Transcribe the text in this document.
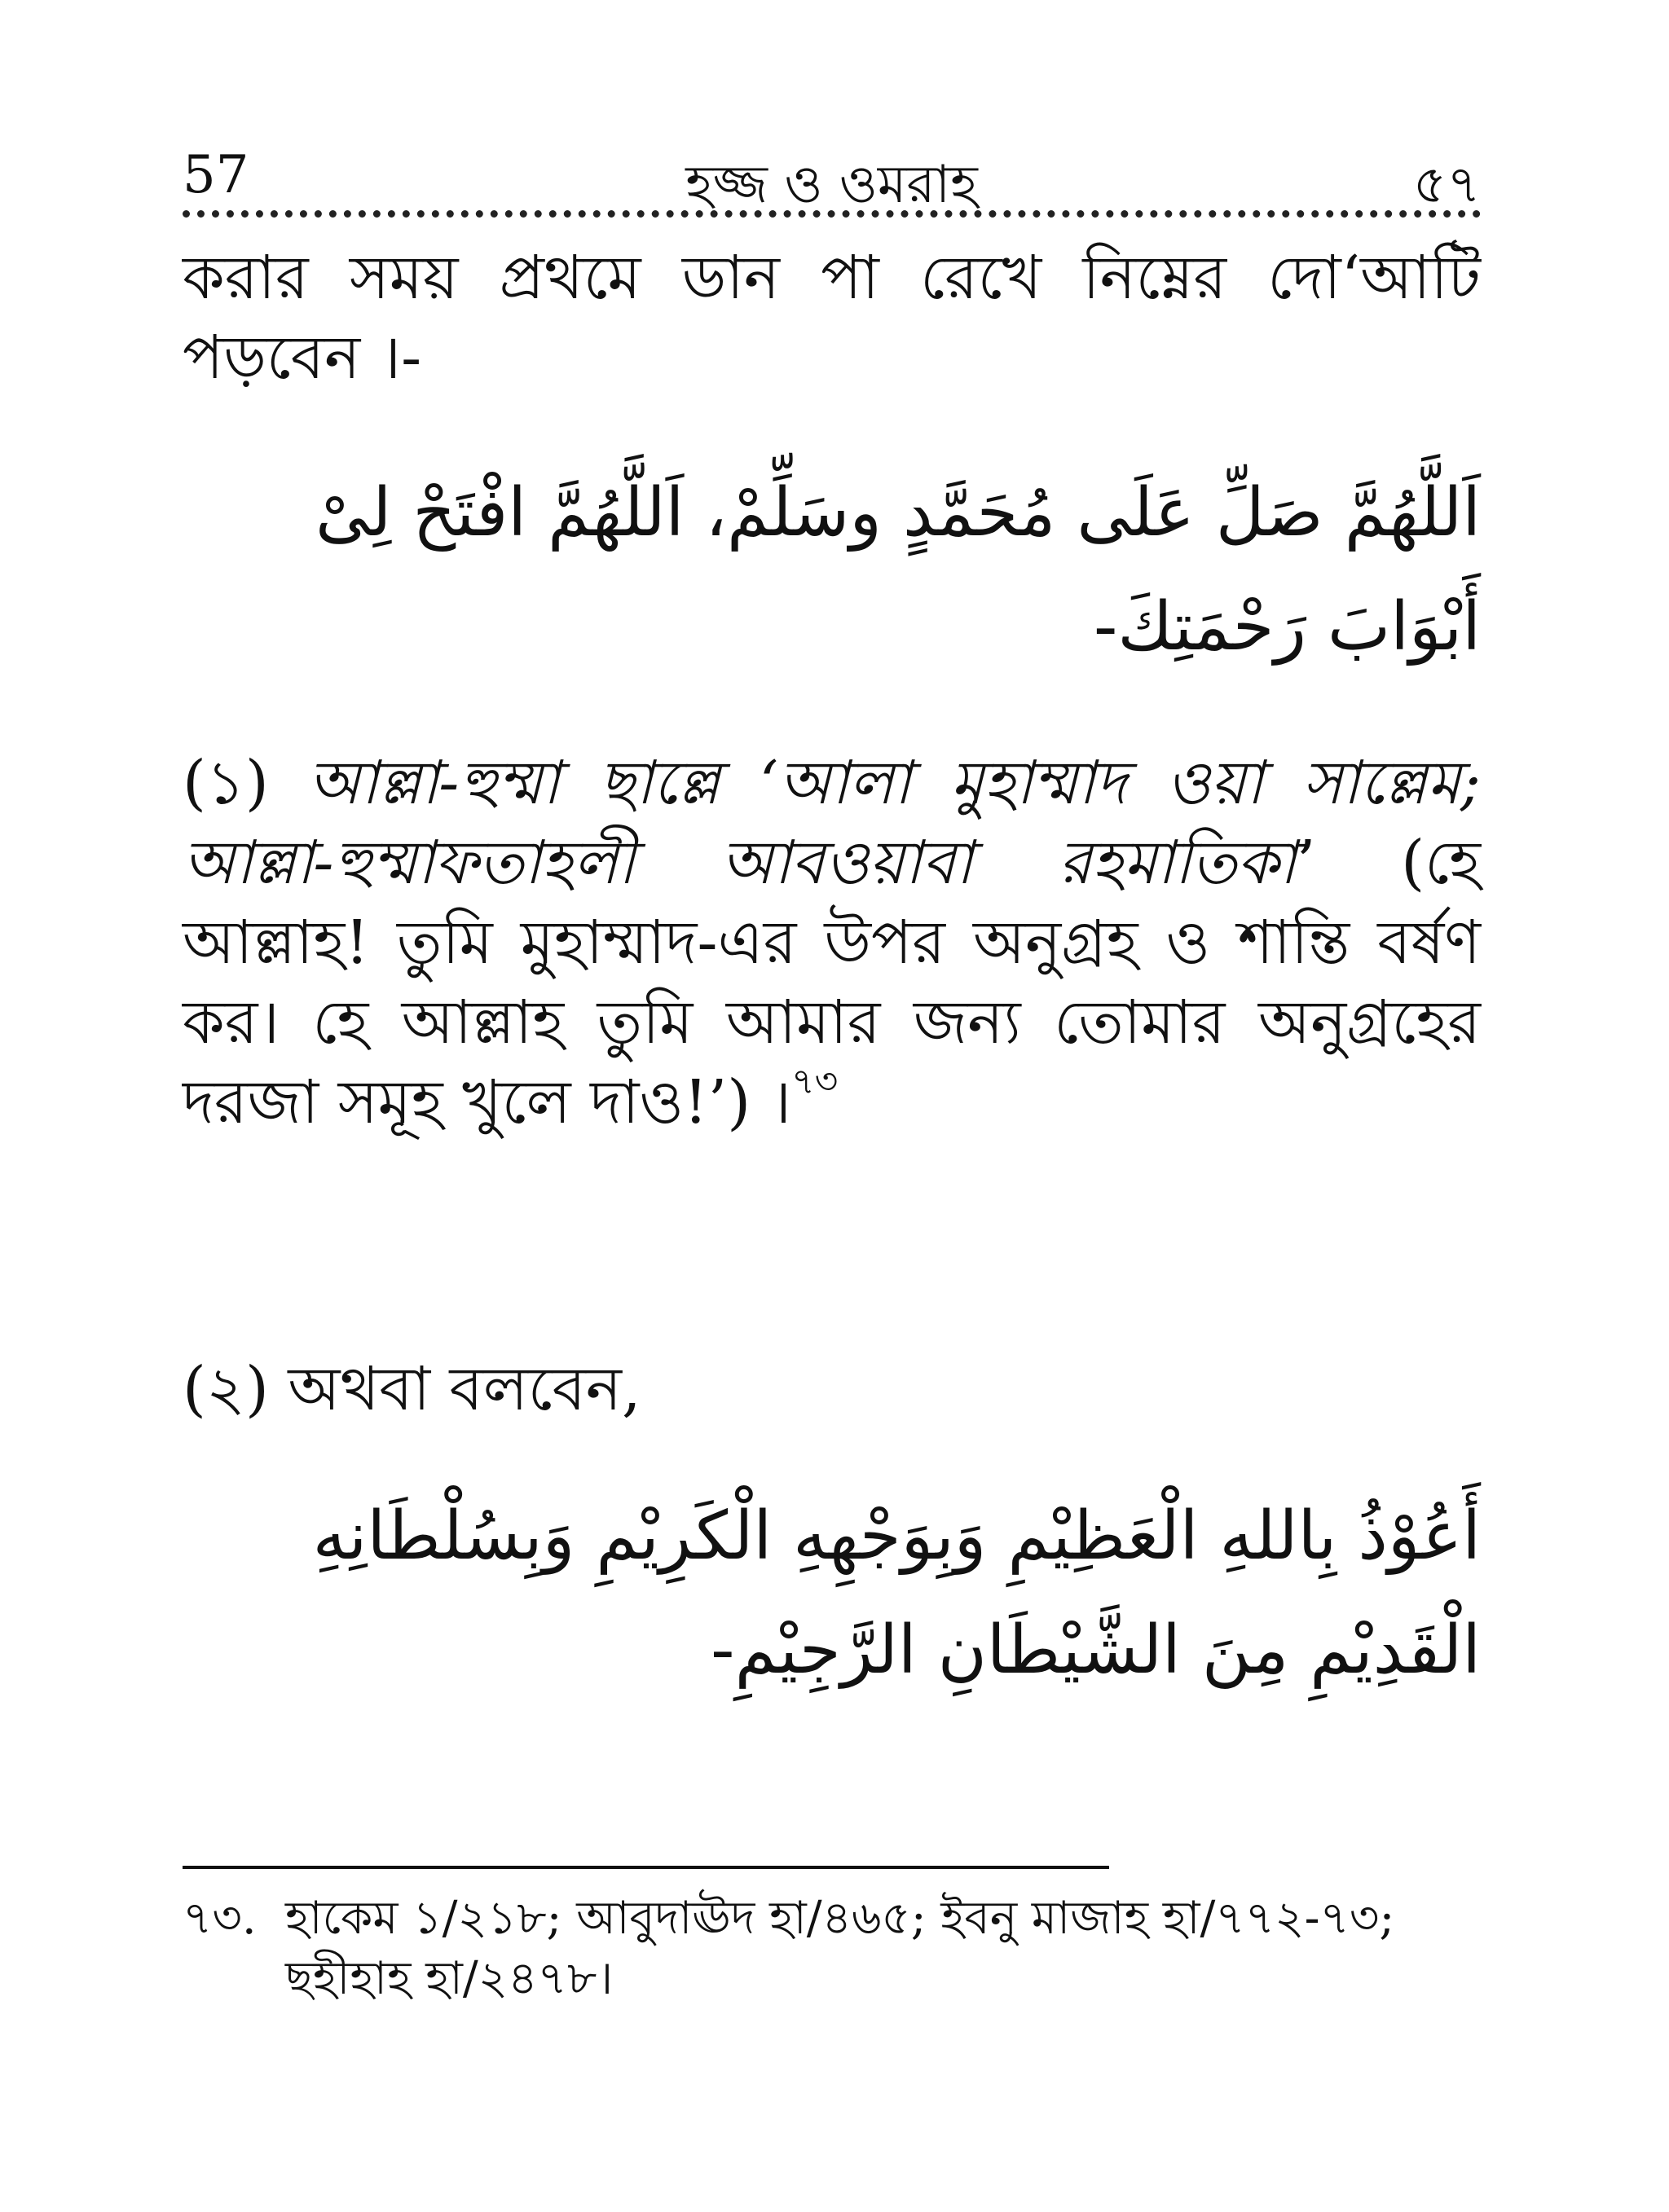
57	হজ্জ ও ওমরাহ	৫৭
করার সময় প্রথমে ডান পা রেখে নিম্নের দো‘আটি পড়বেন ।-
اَللَّهُمَّ صَلِّ عَلَى مُحَمَّدٍ وسَلِّمْ، اَللَّهُمَّ افْتَحْ لِىْ أَبْوَابَ رَحْمَتِكَ-
(১) আল্লা-হুম্মা ছাল্লে ‘আলা মুহাম্মাদ ওয়া সাল্লেম; আল্লা-হুম্মাফতাহলী আবওয়াবা রহমাতিকা’ (হে আল্লাহ! তুমি মুহাম্মাদ-এর উপর অনুগ্রহ ও শান্তি বর্ষণ কর। হে আল্লাহ তুমি আমার জন্য তোমার অনুগ্রহের দরজা সমূহ খুলে দাও!’) ।$^{৭৩}$
(২) অথবা বলবেন,
أَعُوْذُ بِاللهِ الْعَظِيْمِ وَبِوَجْهِهِ الْكَرِيْمِ وَبِسُلْطَانِهِ الْقَدِيْمِ مِنَ الشَّيْطَانِ الرَّجِيْمِ-
৭৩. হাকেম ১/২১৮; আবুদাঊদ হা/৪৬৫; ইবনু মাজাহ হা/৭৭২-৭৩; ছহীহাহ হা/২৪৭৮।
